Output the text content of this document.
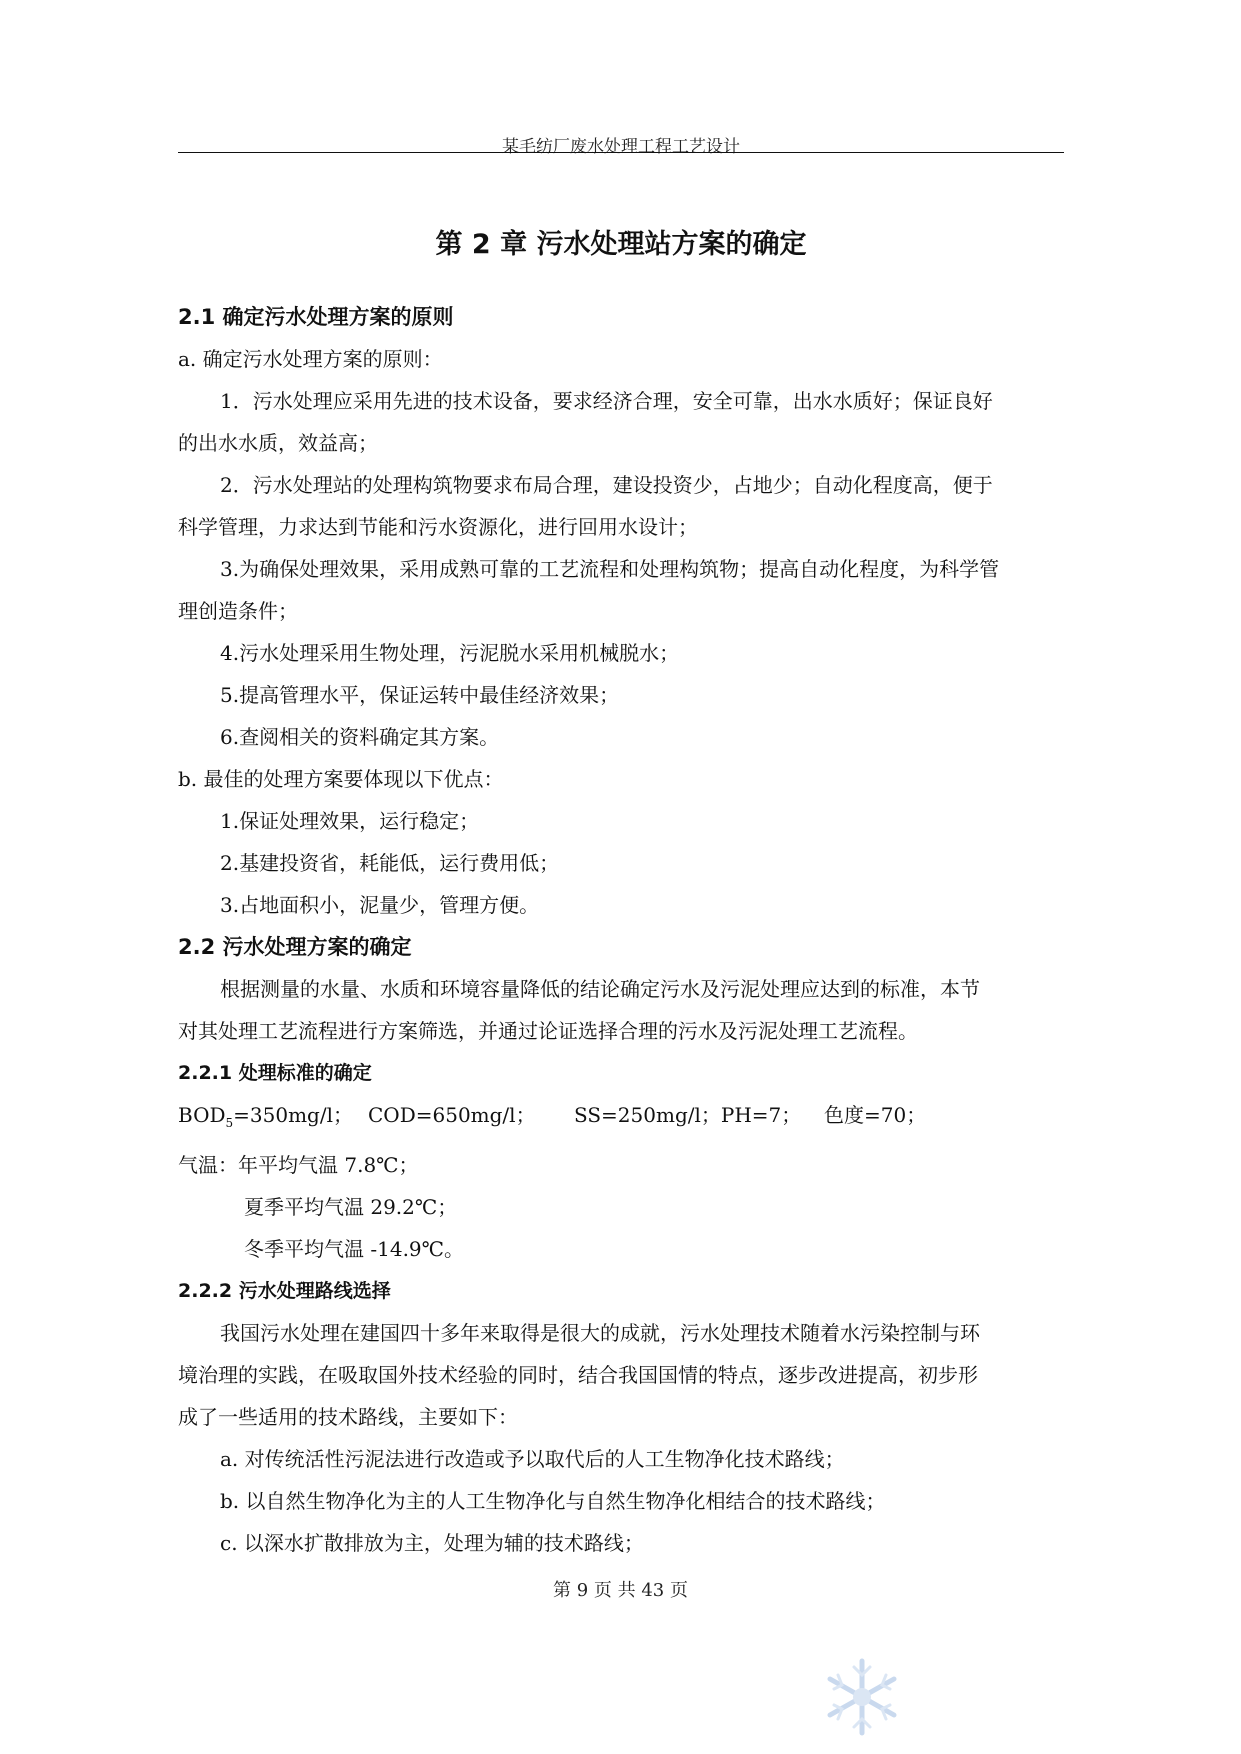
某毛纺厂废水处理工程工艺设计
第 2 章 污水处理站方案的确定
2.1 确定污水处理方案的原则
a. 确定污水处理方案的原则：
1．污水处理应采用先进的技术设备，要求经济合理，安全可靠，出水水质好；保证良好
的出水水质，效益高；
2．污水处理站的处理构筑物要求布局合理，建设投资少，占地少；自动化程度高，便于
科学管理，力求达到节能和污水资源化，进行回用水设计；
3.为确保处理效果，采用成熟可靠的工艺流程和处理构筑物；提高自动化程度，为科学管
理创造条件；
4.污水处理采用生物处理，污泥脱水采用机械脱水；
5.提高管理水平，保证运转中最佳经济效果；
6.查阅相关的资料确定其方案。
b. 最佳的处理方案要体现以下优点：
1.保证处理效果，运行稳定；
2.基建投资省，耗能低，运行费用低；
3.占地面积小，泥量少，管理方便。
2.2 污水处理方案的确定
根据测量的水量、水质和环境容量降低的结论确定污水及污泥处理应达到的标准，本节
对其处理工艺流程进行方案筛选，并通过论证选择合理的污水及污泥处理工艺流程。
2.2.1 处理标准的确定
$BOD_5=350mg/l$； COD=650mg/l；	SS=250mg/l；PH=7；	色度=70；
气温：年平均气温 7.8℃；
夏季平均气温 29.2℃；
冬季平均气温 -14.9℃。
2.2.2 污水处理路线选择
我国污水处理在建国四十多年来取得是很大的成就，污水处理技术随着水污染控制与环
境治理的实践，在吸取国外技术经验的同时，结合我国国情的特点，逐步改进提高，初步形
成了一些适用的技术路线，主要如下：
a. 对传统活性污泥法进行改造或予以取代后的人工生物净化技术路线；
b. 以自然生物净化为主的人工生物净化与自然生物净化相结合的技术路线；
c. 以深水扩散排放为主，处理为辅的技术路线；
第 9 页 共 43 页
